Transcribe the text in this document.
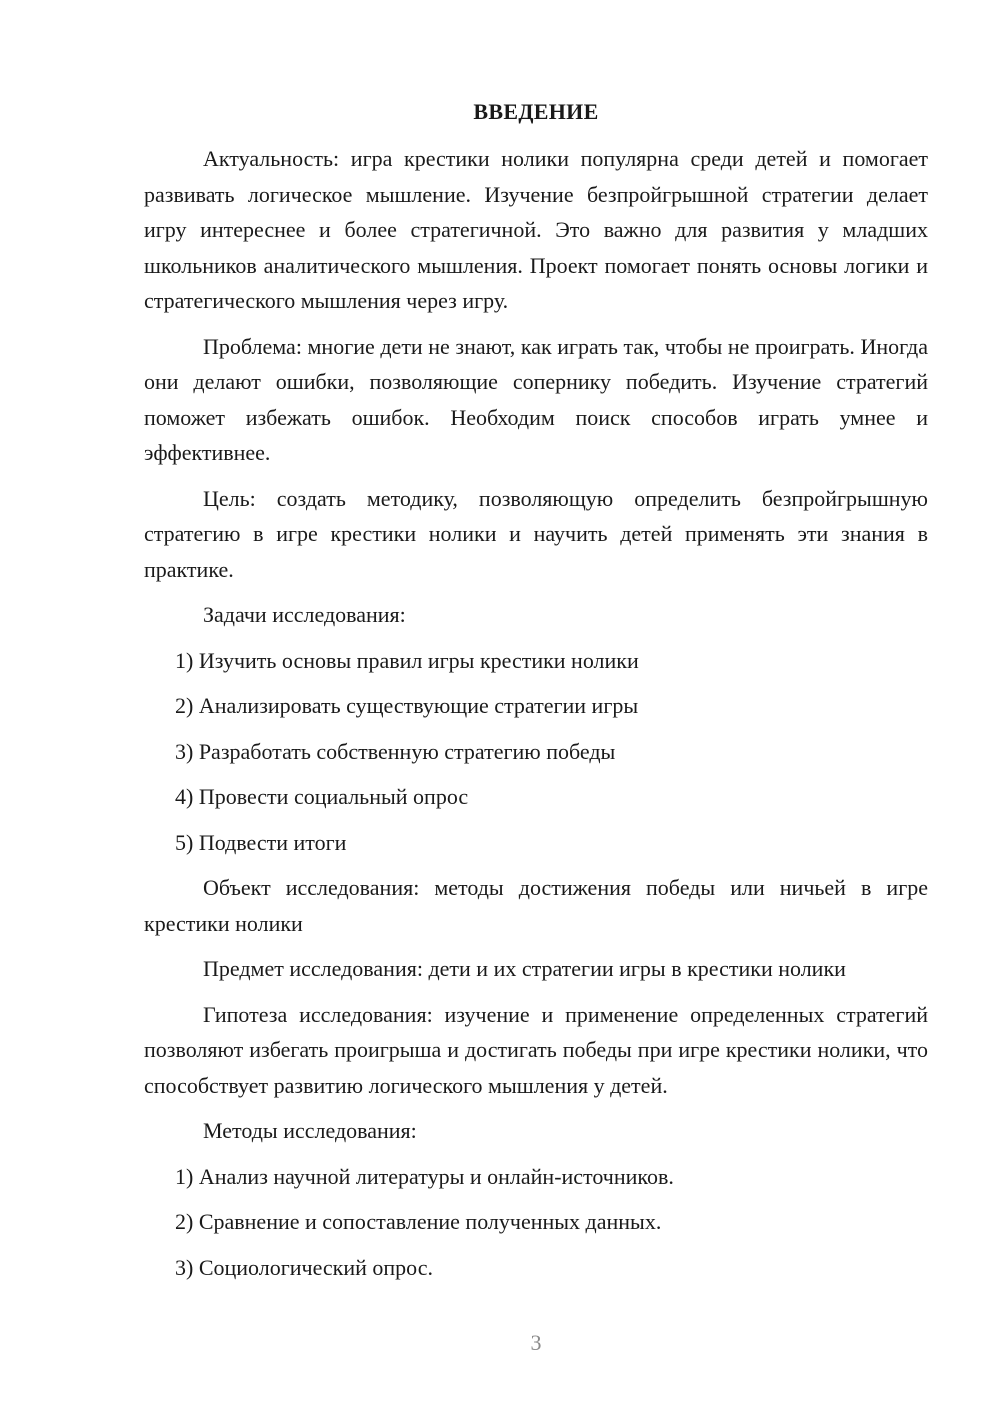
ВВЕДЕНИЕ

Актуальность: игра крестики нолики популярна среди детей и помогает развивать логическое мышление. Изучение безпройгрышной стратегии делает игру интереснее и более стратегичной. Это важно для развития у младших школьников аналитического мышления. Проект помогает понять основы логики и стратегического мышления через игру.

Проблема: многие дети не знают, как играть так, чтобы не проиграть. Иногда они делают ошибки, позволяющие сопернику победить. Изучение стратегий поможет избежать ошибок. Необходим поиск способов играть умнее и эффективнее.

Цель: создать методику, позволяющую определить безпройгрышную стратегию в игре крестики нолики и научить детей применять эти знания в практике.

Задачи исследования:

1) Изучить основы правил игры крестики нолики
2) Анализировать существующие стратегии игры
3) Разработать собственную стратегию победы
4) Провести социальный опрос
5) Подвести итоги

Объект исследования: методы достижения победы или ничьей в игре крестики нолики

Предмет исследования: дети и их стратегии игры в крестики нолики

Гипотеза исследования: изучение и применение определенных стратегий позволяют избегать проигрыша и достигать победы при игре крестики нолики, что способствует развитию логического мышления у детей.

Методы исследования:

1) Анализ научной литературы и онлайн-источников.
2) Сравнение и сопоставление полученных данных.
3) Социологический опрос.
3
